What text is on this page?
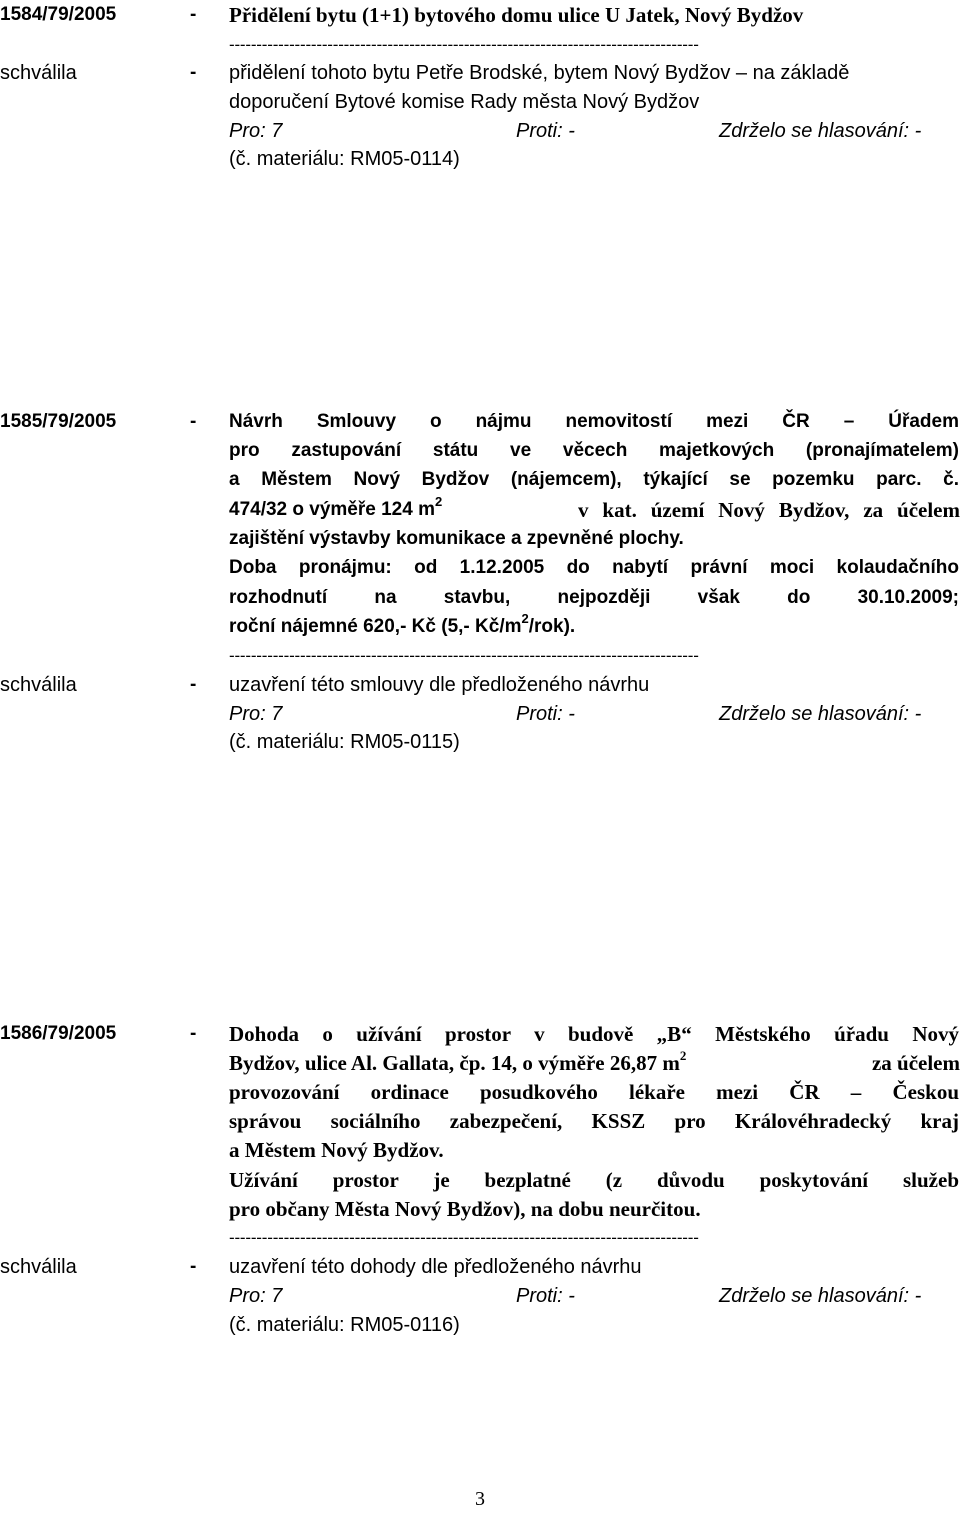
1584/79/2005	- Přidělení bytu (1+1) bytového domu ulice U Jatek, Nový Bydžov
--------------------------------------------------------------------------------------
schválila	- přidělení tohoto bytu Petře Brodské, bytem Nový Bydžov – na základě
doporučení Bytové komise Rady města Nový Bydžov
Pro: 7	Proti: -	Zdrželo se hlasování: -
(č. materiálu: RM05-0114)
1585/79/2005	- Návrh Smlouvy o nájmu nemovitostí mezi ČR – Úřadem
pro zastupování státu ve věcech majetkových (pronajímatelem)
a Městem Nový Bydžov (nájemcem), týkající se pozemku parc. č.
474/32 o výměře 124 $m^2$	v kat. území Nový Bydžov, za účelem
zajištění výstavby komunikace a zpevněné plochy.
Doba pronájmu: od 1.12.2005 do nabytí právní moci kolaudačního
rozhodnutí na stavbu, nejpozději však do 30.10.2009;
roční nájemné 620,- Kč (5,- $Kč/m^2/rok$).
--------------------------------------------------------------------------------------
schválila	- uzavření této smlouvy dle předloženého návrhu
Pro: 7	Proti: -	Zdrželo se hlasování: -
(č. materiálu: RM05-0115)
1586/79/2005	- Dohoda o užívání prostor v budově „B“ Městského úřadu Nový
Bydžov, ulice Al. Gallata, čp. 14, o výměře 26,87 $m^2$	za účelem
provozování ordinace posudkového lékaře mezi ČR – Českou
správou sociálního zabezpečení, KSSZ pro Královéhradecký kraj
a Městem Nový Bydžov.
Užívání prostor je bezplatné (z důvodu poskytování služeb
pro občany Města Nový Bydžov), na dobu neurčitou.
--------------------------------------------------------------------------------------
schválila	- uzavření této dohody dle předloženého návrhu
Pro: 7	Proti: -	Zdrželo se hlasování: -
(č. materiálu: RM05-0116)
3
